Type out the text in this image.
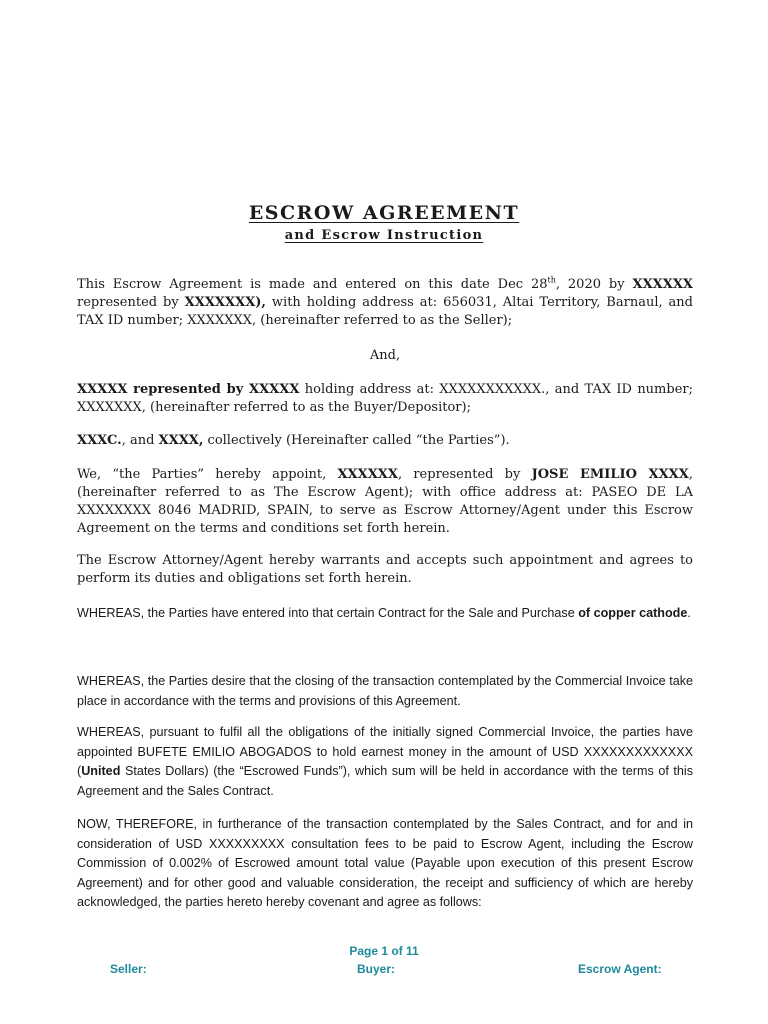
ESCROW AGREEMENT
and Escrow Instruction

This Escrow Agreement is made and entered on this date Dec 28th, 2020 by XXXXXX represented by XXXXXXX), with holding address at: 656031, Altai Territory, Barnaul, and TAX ID number; XXXXXXX, (hereinafter referred to as the Seller);

And,

XXXXX represented by XXXXX holding address at: XXXXXXXXXXX., and TAX ID number; XXXXXXX, (hereinafter referred to as the Buyer/Depositor);

XXXC., and XXXX, collectively (Hereinafter called “the Parties”).

We, “the Parties” hereby appoint, XXXXXX, represented by JOSE EMILIO XXXX, (hereinafter referred to as The Escrow Agent); with office address at: PASEO DE LA XXXXXXXX 8046 MADRID, SPAIN, to serve as Escrow Attorney/Agent under this Escrow Agreement on the terms and conditions set forth herein.

The Escrow Attorney/Agent hereby warrants and accepts such appointment and agrees to perform its duties and obligations set forth herein.

WHEREAS, the Parties have entered into that certain Contract for the Sale and Purchase of copper cathode.

WHEREAS, the Parties desire that the closing of the transaction contemplated by the Commercial Invoice take place in accordance with the terms and provisions of this Agreement.

WHEREAS, pursuant to fulfil all the obligations of the initially signed Commercial Invoice, the parties have appointed BUFETE EMILIO ABOGADOS to hold earnest money in the amount of USD XXXXXXXXXXXXX (United States Dollars) (the “Escrowed Funds”), which sum will be held in accordance with the terms of this Agreement and the Sales Contract.

NOW, THEREFORE, in furtherance of the transaction contemplated by the Sales Contract, and for and in consideration of USD XXXXXXXXX consultation fees to be paid to Escrow Agent, including the Escrow Commission of 0.002% of Escrowed amount total value (Payable upon execution of this present Escrow Agreement) and for other good and valuable consideration, the receipt and sufficiency of which are hereby acknowledged, the parties hereto hereby covenant and agree as follows:

Page 1 of 11
Seller:	Buyer:	Escrow Agent:
